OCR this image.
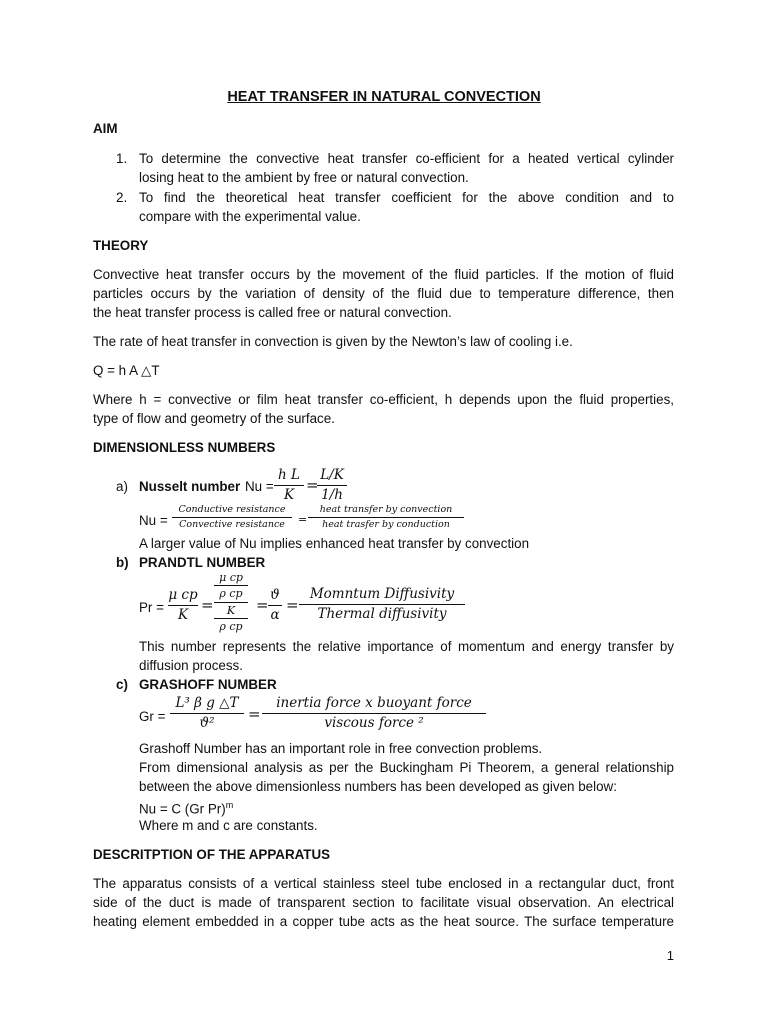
HEAT TRANSFER IN NATURAL CONVECTION
AIM
1. To determine the convective heat transfer co-efficient for a heated vertical cylinder
losing heat to the ambient by free or natural convection.
2. To find the theoretical heat transfer coefficient for the above condition and to
compare with the experimental value.
THEORY
Convective heat transfer occurs by the movement of the fluid particles. If the motion of fluid
particles occurs by the variation of density of the fluid due to temperature difference, then
the heat transfer process is called free or natural convection.
The rate of heat transfer in convection is given by the Newton’s law of cooling i.e.
Q = h A △T
Where h = convective or film heat transfer co-efficient, h depends upon the fluid properties,
type of flow and geometry of the surface.
DIMENSIONLESS NUMBERS
a) Nusselt number Nu =
h L
K
=
L/K
1/h
Nu =
Conductive resistance
Convective resistance	=
heat transfer by convection
heat trasfer by conduction
A larger value of Nu implies enhanced heat transfer by convection
b) PRANDTL NUMBER
Pr =
μ cp
K
=
μ cp
ρ cp
K
ρ cp
=
ϑ
α
=
Momntum Diffusivity
Thermal diffusivity
This number represents the relative importance of momentum and energy transfer by
diffusion process.
c) GRASHOFF NUMBER
Gr =
L³ β g △T
ϑ²	=
inertia force x buoyant force
viscous force ²
Grashoff Number has an important role in free convection problems.
From dimensional analysis as per the Buckingham Pi Theorem, a general relationship
between the above dimensionless numbers has been developed as given below:
Nu = C (Gr Pr)$^m$
Where m and c are constants.
DESCRITPTION OF THE APPARATUS
The apparatus consists of a vertical stainless steel tube enclosed in a rectangular duct, front
side of the duct is made of transparent section to facilitate visual observation. An electrical
heating element embedded in a copper tube acts as the heat source. The surface temperature
1
